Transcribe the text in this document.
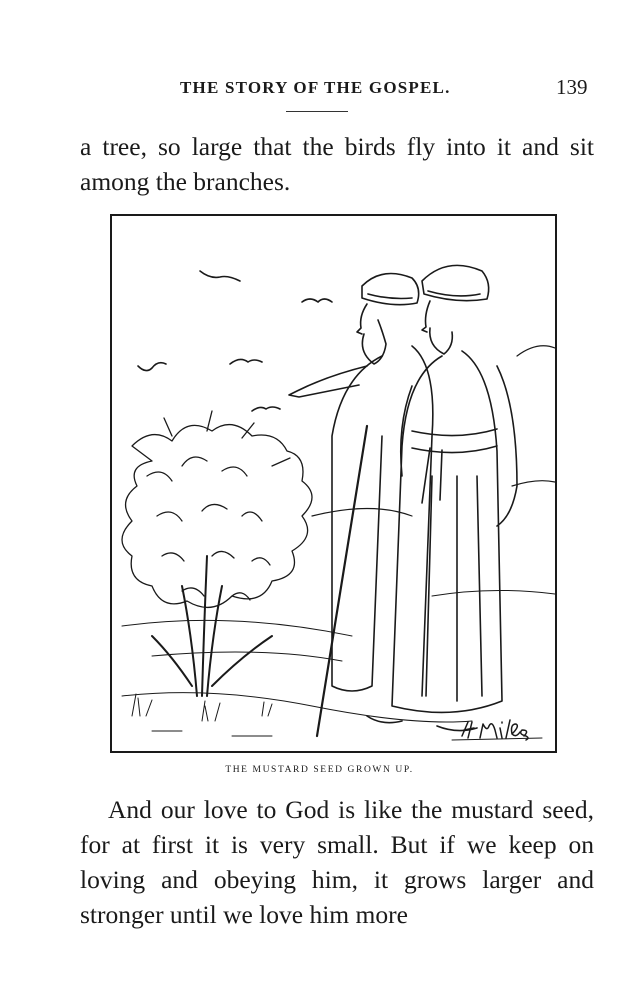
THE STORY OF THE GOSPEL.	139

a tree, so large that the birds fly into it and sit among the branches.

THE MUSTARD SEED GROWN UP.

And our love to God is like the mustard seed, for at first it is very small. But if we keep on loving and obeying him, it grows larger and stronger until we love him more
